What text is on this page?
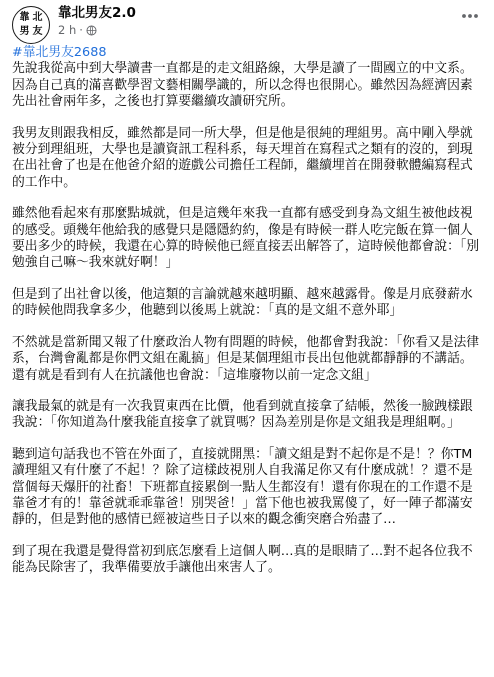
靠 北
男 友
靠北男友2.0
2 h ·
#靠北男友2688

先說我從高中到大學讀書一直都是的走文組路線，大學是讀了一間國立的中文系。因為自己真的滿喜歡學習文藝相關學識的，所以念得也很開心。雖然因為經濟因素先出社會兩年多，之後也打算要繼續攻讀研究所。

我男友則跟我相反，雖然都是同一所大學，但是他是很純的理組男。高中剛入學就被分到理組班，大學也是讀資訊工程科系，每天埋首在寫程式之類有的沒的，到現在出社會了也是在他爸介紹的遊戲公司擔任工程師，繼續埋首在開發軟體編寫程式的工作中。

雖然他看起來有那麼點城就，但是這幾年來我一直都有感受到身為文組生被他歧視的感受。頭幾年他給我的感覺只是隱隱約約，像是有時候一群人吃完飯在算一個人要出多少的時候，我還在心算的時候他已經直接丟出解答了，這時候他都會說：「別勉強自己嘛～我來就好啊！」

但是到了出社會以後，他這類的言論就越來越明顯、越來越露骨。像是月底發薪水的時候他問我拿多少，他聽到以後馬上就說：「真的是文組不意外耶」

不然就是當新聞又報了什麼政治人物有問題的時候，他都會對我說：「你看又是法律系，台灣會亂都是你們文組在亂搞」但是某個理組市長出包他就都靜靜的不講話。還有就是看到有人在抗議他也會說：「這堆廢物以前一定念文組」

讓我最氣的就是有一次我買東西在比價，他看到就直接拿了結帳，然後一臉跩樣跟我說：「你知道為什麼我能直接拿了就買嗎？因為差別是你是文組我是理組啊。」

聽到這句話我也不管在外面了，直接就開黑：「讀文組是對不起你是不是！？你TM讀理組又有什麼了不起！？除了這樣歧視別人自我滿足你又有什麼成就！？還不是當個每天爆肝的社畜！下班都直接累倒一點人生都沒有！還有你現在的工作還不是靠爸才有的！靠爸就乖乖靠爸！別哭爸！」當下他也被我罵傻了，好一陣子都滿安靜的，但是對他的感情已經被這些日子以來的觀念衝突磨合殆盡了…

到了現在我還是覺得當初到底怎麼看上這個人啊…真的是眼睛了…對不起各位我不能為民除害了，我準備要放手讓他出來害人了。
